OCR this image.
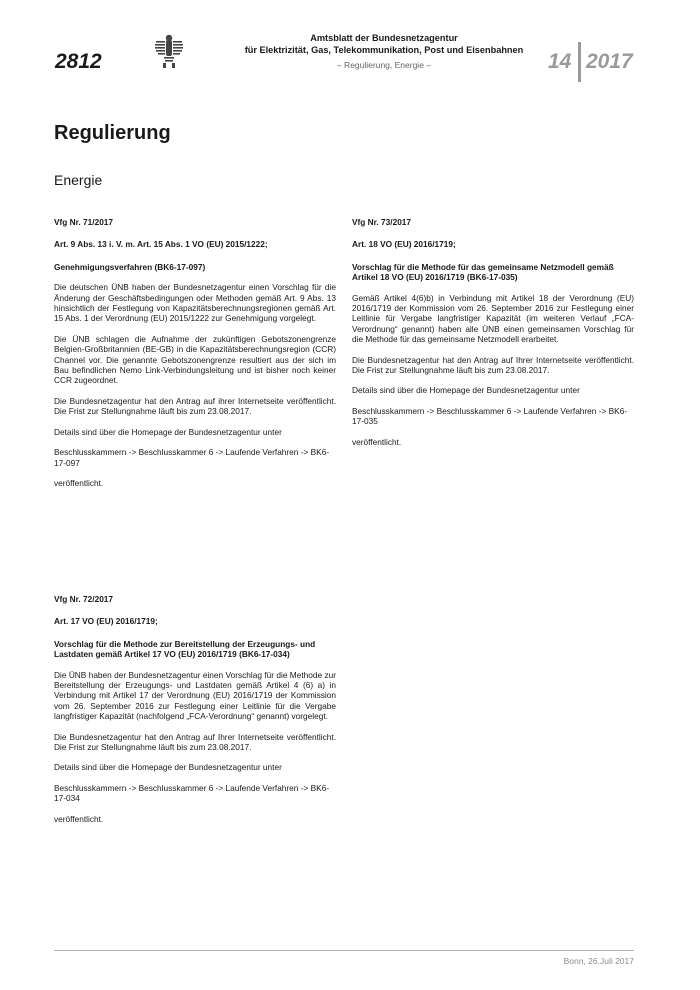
2812
Amtsblatt der Bundesnetzagentur
für Elektrizität, Gas, Telekommunikation, Post und Eisenbahnen
– Regulierung, Energie –	14 2017
Regulierung
Energie

Vfg Nr. 71/2017

Art. 9 Abs. 13 i. V. m. Art. 15 Abs. 1 VO (EU) 2015/1222;

Genehmigungsverfahren (BK6-17-097)

Die deutschen ÜNB haben der Bundesnetzagentur einen Vorschlag für die Änderung der Geschäftsbedingungen oder Methoden gemäß Art. 9 Abs. 13 hinsichtlich der Festlegung von Kapazitätsberechnungsregionen gemäß Art. 15 Abs. 1 der Verordnung (EU) 2015/1222 zur Genehmigung vorgelegt.

Die ÜNB schlagen die Aufnahme der zukünftigen Gebotszonengrenze Belgien-Großbritannien (BE-GB) in die Kapazitätsberechnungsregion (CCR) Channel vor. Die genannte Gebotszonengrenze resultiert aus der sich im Bau befindlichen Nemo Link-Verbindungsleitung und ist bisher noch keiner CCR zugeordnet.

Die Bundesnetzagentur hat den Antrag auf ihrer Internetseite veröffentlicht. Die Frist zur Stellungnahme läuft bis zum 23.08.2017.

Details sind über die Homepage der Bundesnetzagentur unter

Beschlusskammern -> Beschlusskammer 6 -> Laufende Verfahren -> BK6-17-097

veröffentlicht.

Vfg Nr. 72/2017

Art. 17 VO (EU) 2016/1719;

Vorschlag für die Methode zur Bereitstellung der Erzeugungs- und Lastdaten gemäß Artikel 17 VO (EU) 2016/1719 (BK6-17-034)

Die ÜNB haben der Bundesnetzagentur einen Vorschlag für die Methode zur Bereitstellung der Erzeugungs- und Lastdaten gemäß Artikel 4 (6) a) in Verbindung mit Artikel 17 der Verordnung (EU) 2016/1719 der Kommission vom 26. September 2016 zur Festlegung einer Leitlinie für die Vergabe langfristiger Kapazität (nachfolgend „FCA-Verordnung“ genannt) vorgelegt.

Die Bundesnetzagentur hat den Antrag auf Ihrer Internetseite veröffentlicht. Die Frist zur Stellungnahme läuft bis zum 23.08.2017.

Details sind über die Homepage der Bundesnetzagentur unter

Beschlusskammern -> Beschlusskammer 6 -> Laufende Verfahren -> BK6-17-034

veröffentlicht.

Vfg Nr. 73/2017

Art. 18 VO (EU) 2016/1719;

Vorschlag für die Methode für das gemeinsame Netzmodell gemäß Artikel 18 VO (EU) 2016/1719 (BK6-17-035)

Gemäß Artikel 4(6)b) in Verbindung mit Artikel 18 der Verordnung (EU) 2016/1719 der Kommission vom 26. September 2016 zur Festlegung einer Leitlinie für Vergabe langfristiger Kapazität (im weiteren Verlauf „FCA-Verordnung“ genannt) haben alle ÜNB einen gemeinsamen Vorschlag für die Methode für das gemeinsame Netzmodell erarbeitet.

Die Bundesnetzagentur hat den Antrag auf Ihrer Internetseite veröffentlicht. Die Frist zur Stellungnahme läuft bis zum 23.08.2017.

Details sind über die Homepage der Bundesnetzagentur unter

Beschlusskammern -> Beschlusskammer 6 -> Laufende Verfahren -> BK6-17-035

veröffentlicht.

Bonn, 26.Juli 2017
